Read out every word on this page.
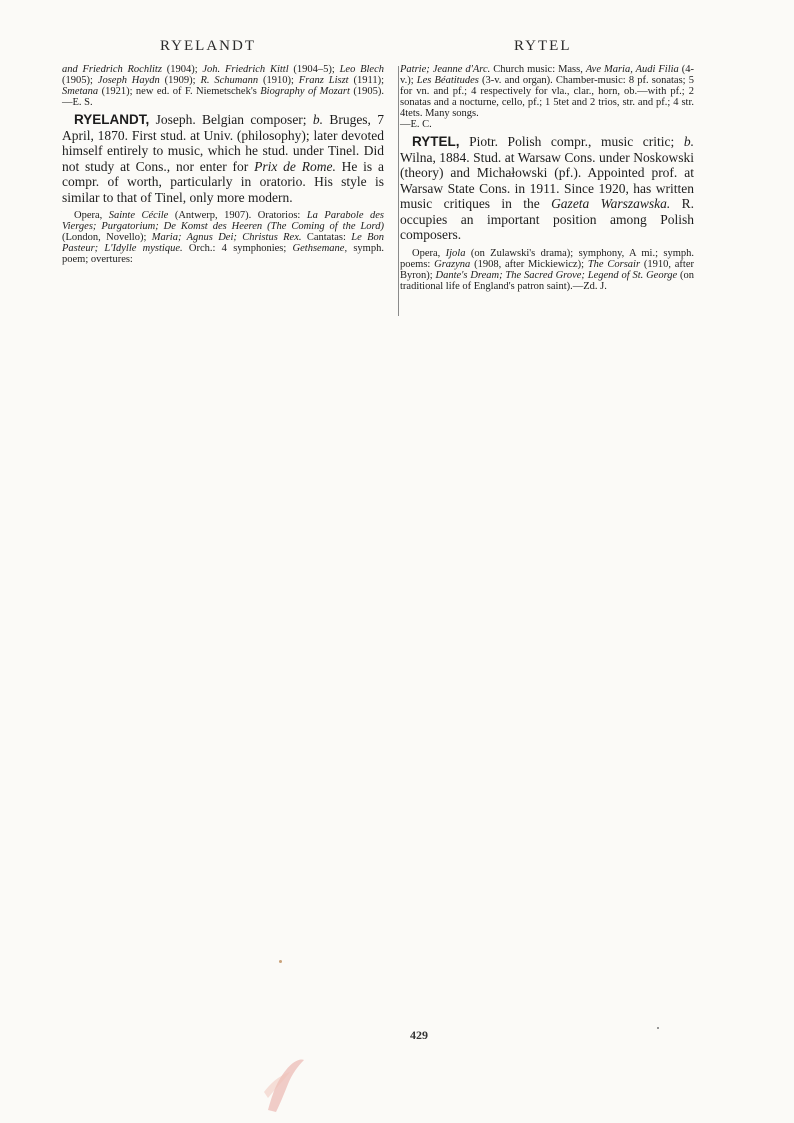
RYELANDT	RYTEL

and Friedrich Rochlitz (1904); Joh. Friedrich Kittl (1904–5); Leo Blech (1905); Joseph Haydn (1909); R. Schumann (1910); Franz Liszt (1911); Smetana (1921); new ed. of F. Niemetschek's Biography of Mozart (1905).—E. S.

RYELANDT, Joseph. Belgian composer; b. Bruges, 7 April, 1870. First stud. at Univ. (philosophy); later devoted himself entirely to music, which he stud. under Tinel. Did not study at Cons., nor enter for Prix de Rome. He is a compr. of worth, particularly in oratorio. His style is similar to that of Tinel, only more modern.

Opera, Sainte Cécile (Antwerp, 1907). Oratorios: La Parabole des Vierges; Purgatorium; De Komst des Heeren (The Coming of the Lord) (London, Novello); Maria; Agnus Dei; Christus Rex. Cantatas: Le Bon Pasteur; L'Idylle mystique. Orch.: 4 symphonies; Gethsemane, symph. poem; overtures:

Patrie; Jeanne d'Arc. Church music: Mass, Ave Maria, Audi Filia (4-v.); Les Béatitudes (3-v. and organ). Chamber-music: 8 pf. sonatas; 5 for vn. and pf.; 4 respectively for vla., clar., horn, ob.—with pf.; 2 sonatas and a nocturne, cello, pf.; 1 5tet and 2 trios, str. and pf.; 4 str. 4tets. Many songs.
—E. C.

RYTEL, Piotr. Polish compr., music critic; b. Wilna, 1884. Stud. at Warsaw Cons. under Noskowski (theory) and Michałowski (pf.). Appointed prof. at Warsaw State Cons. in 1911. Since 1920, has written music critiques in the Gazeta Warszawska. R. occupies an important position among Polish composers.

Opera, Ijola (on Zulawski's drama); symphony, A mi.; symph. poems: Grazyna (1908, after Mickiewicz); The Corsair (1910, after Byron); Dante's Dream; The Sacred Grove; Legend of St. George (on traditional life of England's patron saint).—Zd. J.

429
